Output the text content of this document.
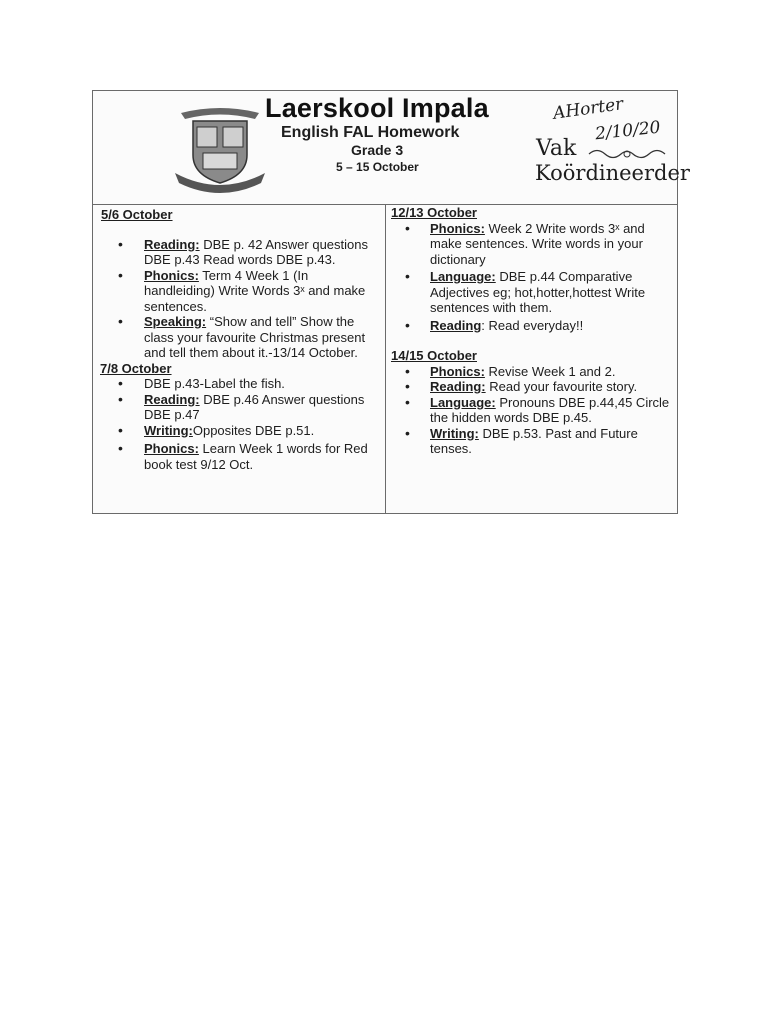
Laerskool Impala
English FAL Homework
Grade 3
5 – 15 October
AHorter
2/10/20
Vak
Koördineerder
5/6 October
• Reading: DBE p. 42 Answer questions DBE p.43 Read words DBE p.43.
• Phonics: Term 4 Week 1 (In handleiding) Write Words 3ˣ and make sentences.
• Speaking: “Show and tell” Show the class your favourite Christmas present and tell them about it.-13/14 October.
7/8 October
• DBE p.43-Label the fish.
• Reading: DBE p.46 Answer questions DBE p.47
• Writing:Opposites DBE p.51.
• Phonics: Learn Week 1 words for Red book test 9/12 Oct.
12/13 October
• Phonics: Week 2 Write words 3ˣ and make sentences. Write words in your dictionary
• Language: DBE p.44 Comparative Adjectives eg; hot,hotter,hottest Write sentences with them.
• Reading: Read everyday!!
14/15 October
• Phonics: Revise Week 1 and 2.
• Reading: Read your favourite story.
• Language: Pronouns DBE p.44,45 Circle the hidden words DBE p.45.
• Writing: DBE p.53. Past and Future tenses.
